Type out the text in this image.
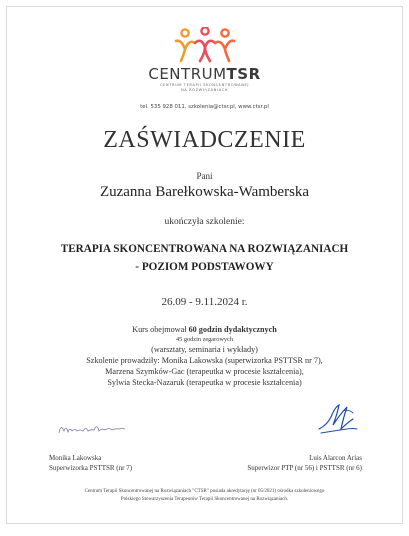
CENTRUMTSR
CENTRUM TERAPII SKONCENTROWANEJ
NA ROZWIĄZANIACH
tel. 535 928 011, szkolenia@ctsr.pl, www.ctsr.pl
ZAŚWIADCZENIE
Pani
Zuzanna Barełkowska-Wamberska
ukończyła szkolenie:
TERAPIA SKONCENTROWANA NA ROZWIĄZANIACH
- POZIOM PODSTAWOWY
26.09 - 9.11.2024 r.
Kurs obejmował 60 godzin dydaktycznych
45 godzin zegarowych
(warsztaty, seminaria i wykłady)
Szkolenie prowadziły: Monika Lakowska (superwizorka PSTTSR nr 7),
Marzena Szymków-Gac (terapeutka w procesie kształcenia),
Sylwia Stecka-Nazaruk (terapeutka w procesie kształcenia)
Monika Lakowska
Superwizorka PSTTSR (nr 7)
Luis Alarcon Arias
Superwizor PTP (nr 56) i PSTTSR (nr 6)
Centrum Terapii Skoncentrowanej na Rozwiązaniach "CTSR" posiada akredytację (nr 05/2021) ośrodka szkoleniowego
Polskiego Stowarzyszenia Terapeutów Terapii Skoncentrowanej na Rozwiązaniach.
